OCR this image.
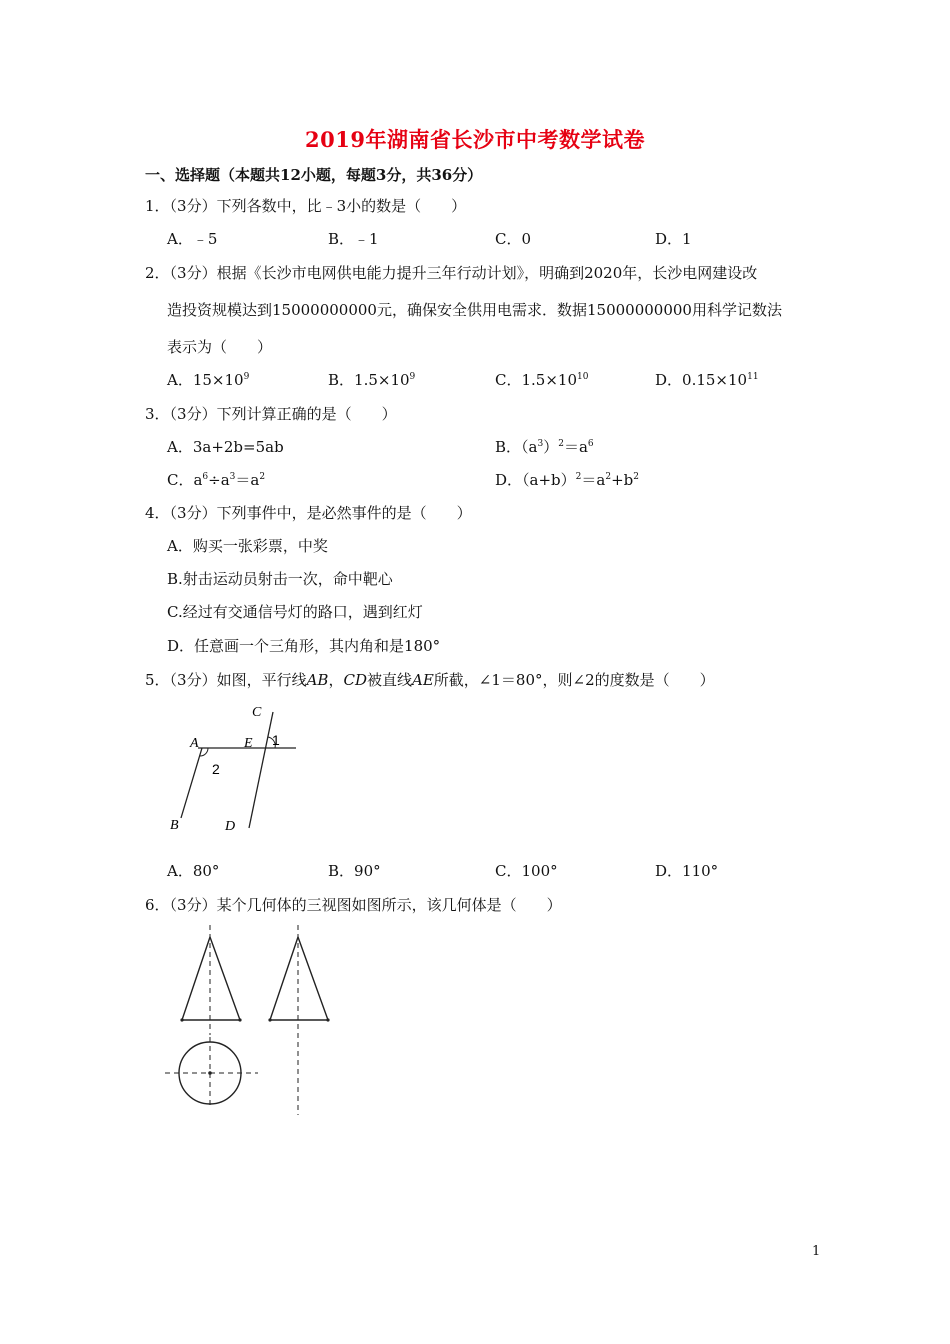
2019年湖南省长沙市中考数学试卷
一、选择题（本题共12小题，每题3分，共36分）
1．（3分）下列各数中，比﹣3小的数是（　　）
A．﹣5	B．﹣1	C．0	D．1
2．（3分）根据《长沙市电网供电能力提升三年行动计划》，明确到2020年，长沙电网建设改
造投资规模达到15000000000元，确保安全供用电需求．数据15000000000用科学记数法
表示为（　　）
A．$15\times 10^9$	B．$1.5\times 10^9$	C．$1.5\times 10^{10}$	D．$0.15\times 10^{11}$
3．（3分）下列计算正确的是（　　）
A．3a+2b=5ab	B．$(a^3)^2=a^6$
C．$a^6\div a^3=a^2$	D．$(a+b)^2=a^2+b^2$
4．（3分）下列事件中，是必然事件的是（　　）
A．购买一张彩票，中奖
B.射击运动员射击一次，命中靶心
C.经过有交通信号灯的路口，遇到红灯
D．任意画一个三角形，其内角和是180°
5．（3分）如图，平行线AB，CD被直线AE所截，∠1＝80°，则∠2的度数是（　　）
A	E
C
1
2
B	D
A．80°	B．90°	C．100°	D．110°
6．（3分）某个几何体的三视图如图所示，该几何体是（　　）
1
